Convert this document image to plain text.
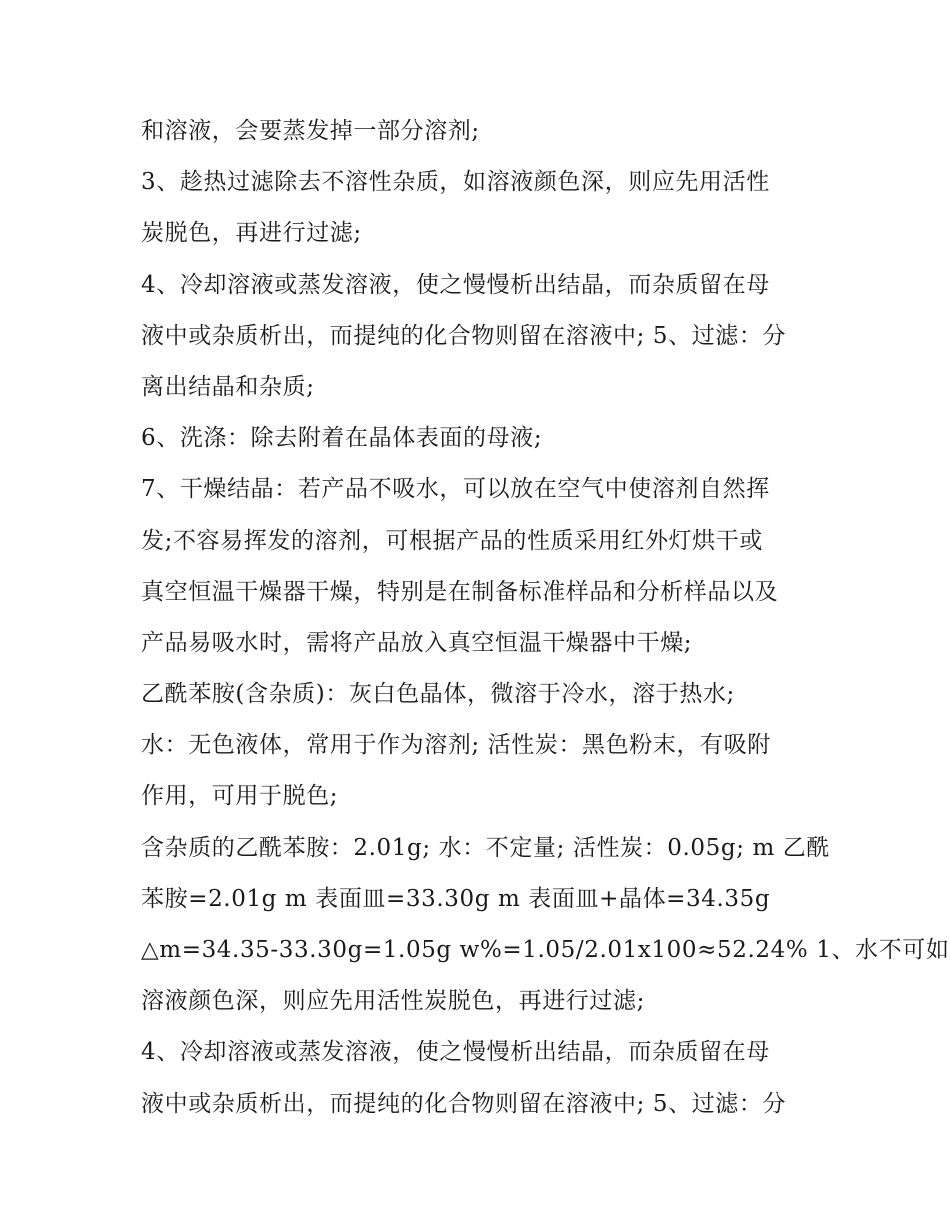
和溶液，会要蒸发掉一部分溶剂;
3、趁热过滤除去不溶性杂质，如溶液颜色深，则应先用活性
炭脱色，再进行过滤;
4、冷却溶液或蒸发溶液，使之慢慢析出结晶，而杂质留在母
液中或杂质析出，而提纯的化合物则留在溶液中; 5、过滤：分
离出结晶和杂质;
6、洗涤：除去附着在晶体表面的母液;
7、干燥结晶：若产品不吸水，可以放在空气中使溶剂自然挥
发;不容易挥发的溶剂，可根据产品的性质采用红外灯烘干或
真空恒温干燥器干燥，特别是在制备标准样品和分析样品以及
产品易吸水时，需将产品放入真空恒温干燥器中干燥;
乙酰苯胺(含杂质)：灰白色晶体，微溶于冷水，溶于热水;
水：无色液体，常用于作为溶剂; 活性炭：黑色粉末，有吸附
作用，可用于脱色;
含杂质的乙酰苯胺：2.01g; 水：不定量; 活性炭：0.05g; m 乙酰
苯胺=2.01g m 表面皿=33.30g m 表面皿+晶体=34.35g
△m=34.35-33.30g=1.05g w%=1.05/2.01x100≈52.24% 1、水不可如
溶液颜色深，则应先用活性炭脱色，再进行过滤;
4、冷却溶液或蒸发溶液，使之慢慢析出结晶，而杂质留在母
液中或杂质析出，而提纯的化合物则留在溶液中; 5、过滤：分
